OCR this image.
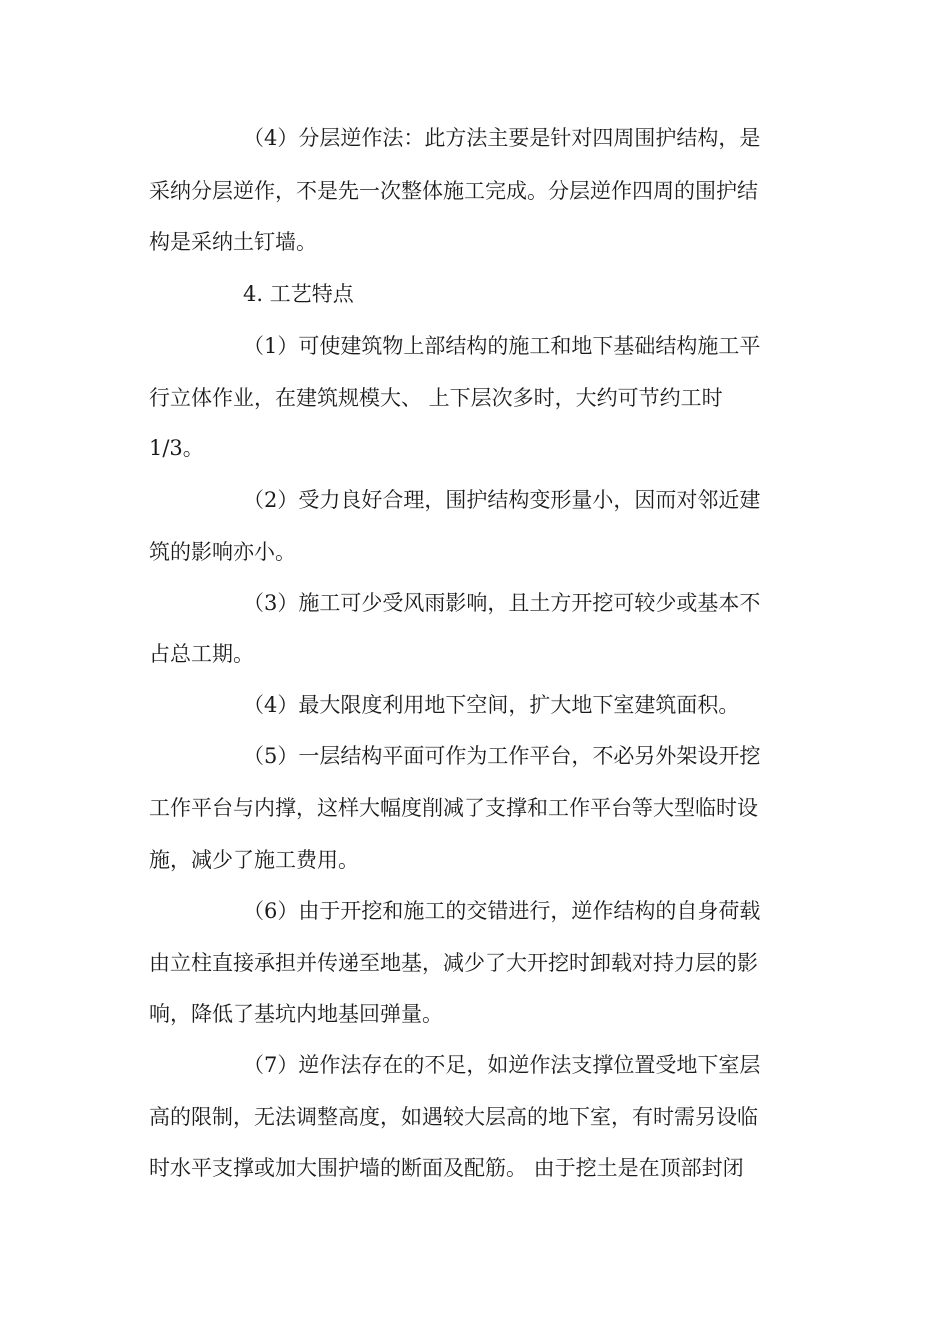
（4）分层逆作法：此方法主要是针对四周围护结构，是

采纳分层逆作，不是先一次整体施工完成。分层逆作四周的围护结

构是采纳土钉墙。

4. 工艺特点

（1）可使建筑物上部结构的施工和地下基础结构施工平

行立体作业，在建筑规模大、 上下层次多时，大约可节约工时

1/3。

（2）受力良好合理，围护结构变形量小，因而对邻近建

筑的影响亦小。

（3）施工可少受风雨影响，且土方开挖可较少或基本不

占总工期。

（4）最大限度利用地下空间，扩大地下室建筑面积。

（5）一层结构平面可作为工作平台，不必另外架设开挖

工作平台与内撑，这样大幅度削减了支撑和工作平台等大型临时设

施，减少了施工费用。

（6）由于开挖和施工的交错进行，逆作结构的自身荷载

由立柱直接承担并传递至地基，减少了大开挖时卸载对持力层的影

响，降低了基坑内地基回弹量。

（7）逆作法存在的不足，如逆作法支撑位置受地下室层

高的限制，无法调整高度，如遇较大层高的地下室，有时需另设临

时水平支撑或加大围护墙的断面及配筋。 由于挖土是在顶部封闭
